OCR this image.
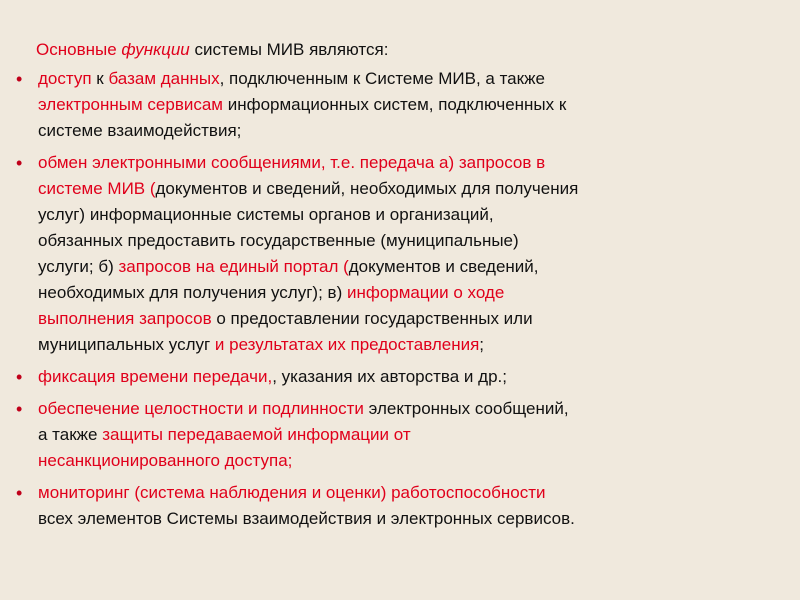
Основные функции системы МИВ являются:
• доступ к базам данных, подключенным к Системе МИВ, а также
электронным сервисам информационных систем, подключенных к
системе взаимодействия;
• обмен электронными сообщениями, т.е. передача а) запросов в
системе МИВ (документов и сведений, необходимых для получения
услуг) информационные системы органов и организаций,
обязанных предоставить государственные (муниципальные)
услуги; б) запросов на единый портал (документов и сведений,
необходимых для получения услуг); в) информации о ходе
выполнения запросов о предоставлении государственных или
муниципальных услуг и результатах их предоставления;
• фиксация времени передачи,, указания их авторства и др.;
• обеспечение целостности и подлинности электронных сообщений,
а также защиты передаваемой информации от
несанкционированного доступа;
• мониторинг (система наблюдения и оценки) работоспособности
всех элементов Системы взаимодействия и электронных сервисов.
